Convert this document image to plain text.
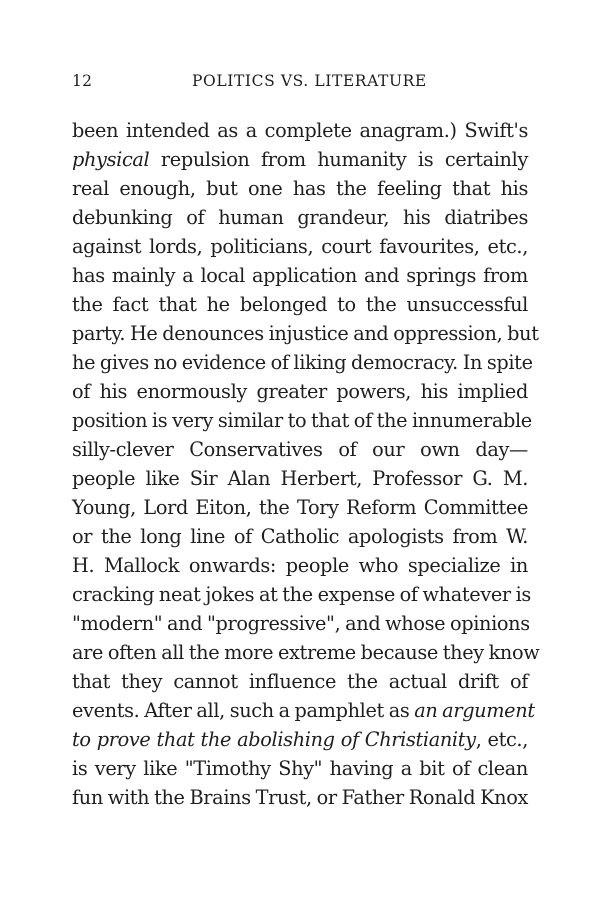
12	POLITICS VS. LITERATURE
been intended as a complete anagram.) Swift's
physical repulsion from humanity is certainly
real enough, but one has the feeling that his
debunking of human grandeur, his diatribes
against lords, politicians, court favourites, etc.,
has mainly a local application and springs from
the fact that he belonged to the unsuccessful
party. He denounces injustice and oppression, but
he gives no evidence of liking democracy. In spite
of his enormously greater powers, his implied
position is very similar to that of the innumerable
silly-clever Conservatives of our own day—
people like Sir Alan Herbert, Professor G. M.
Young, Lord Eiton, the Tory Reform Committee
or the long line of Catholic apologists from W.
H. Mallock onwards: people who specialize in
cracking neat jokes at the expense of whatever is
"modern" and "progressive", and whose opinions
are often all the more extreme because they know
that they cannot influence the actual drift of
events. After all, such a pamphlet as an argument
to prove that the abolishing of Christianity, etc.,
is very like "Timothy Shy" having a bit of clean
fun with the Brains Trust, or Father Ronald Knox
